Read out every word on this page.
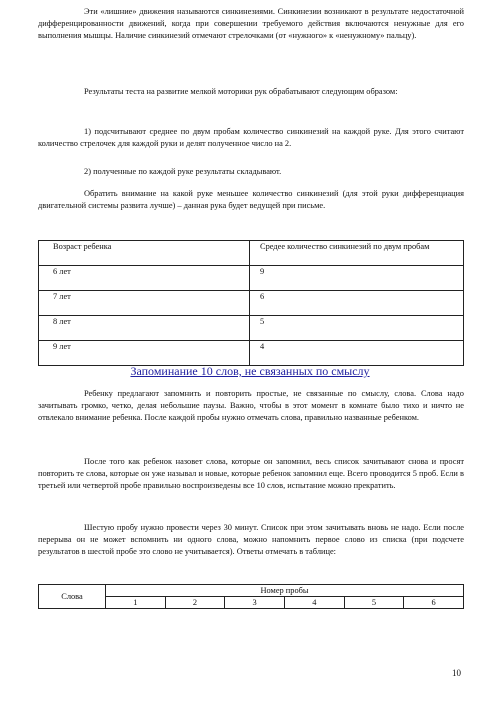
Эти «лишние» движения называются синкинезиями. Синкинезии возникают в результате недостаточной дифференцированности движений, когда при совершении требуемого действия включаются ненужные для его выполнения мышцы. Наличие синкинезий отмечают стрелочками (от «нужного» к «ненужному» пальцу).

Результаты теста на развитие мелкой моторики рук обрабатывают следующим образом:

1) подсчитывают среднее по двум пробам количество синкинезий на каждой руке. Для этого считают количество стрелочек для каждой руки и делят полученное число на 2.

2) полученные по каждой руке результаты складывают.

Обратить внимание на какой руке меньшее количество синкинезий (для этой руки дифференциация двигательной системы развита лучше) – данная рука будет ведущей при письме.

Возраст ребенка	Средее количество синкинезий по двум пробам
6 лет	9
7 лет	6
8 лет	5
9 лет	4
Запоминание 10 слов, не связанных по смыслу

Ребенку предлагают запомнить и повторить простые, не связанные по смыслу, слова. Слова надо зачитывать громко, четко, делая небольшие паузы. Важно, чтобы в этот момент в комнате было тихо и ничто не отвлекало внимание ребенка. После каждой пробы нужно отмечать слова, правильно названные ребенком.

После того как ребенок назовет слова, которые он запомнил, весь список зачитывают снова и просят повторить те слова, которые он уже называл и новые, которые ребенок запомнил еще. Всего проводится 5 проб. Если в третьей или четвертой пробе правильно воспроизведены все 10 слов, испытание можно прекратить.

Шестую пробу нужно провести через 30 минут. Список при этом зачитывать вновь не надо. Если после перерыва он не может вспомнить ни одного слова, можно напомнить первое слово из списка (при подсчете результатов в шестой пробе это слово не учитывается). Ответы отмечать в таблице:

Слова	Номер пробы					
	1	2	3	4	5	6
10
